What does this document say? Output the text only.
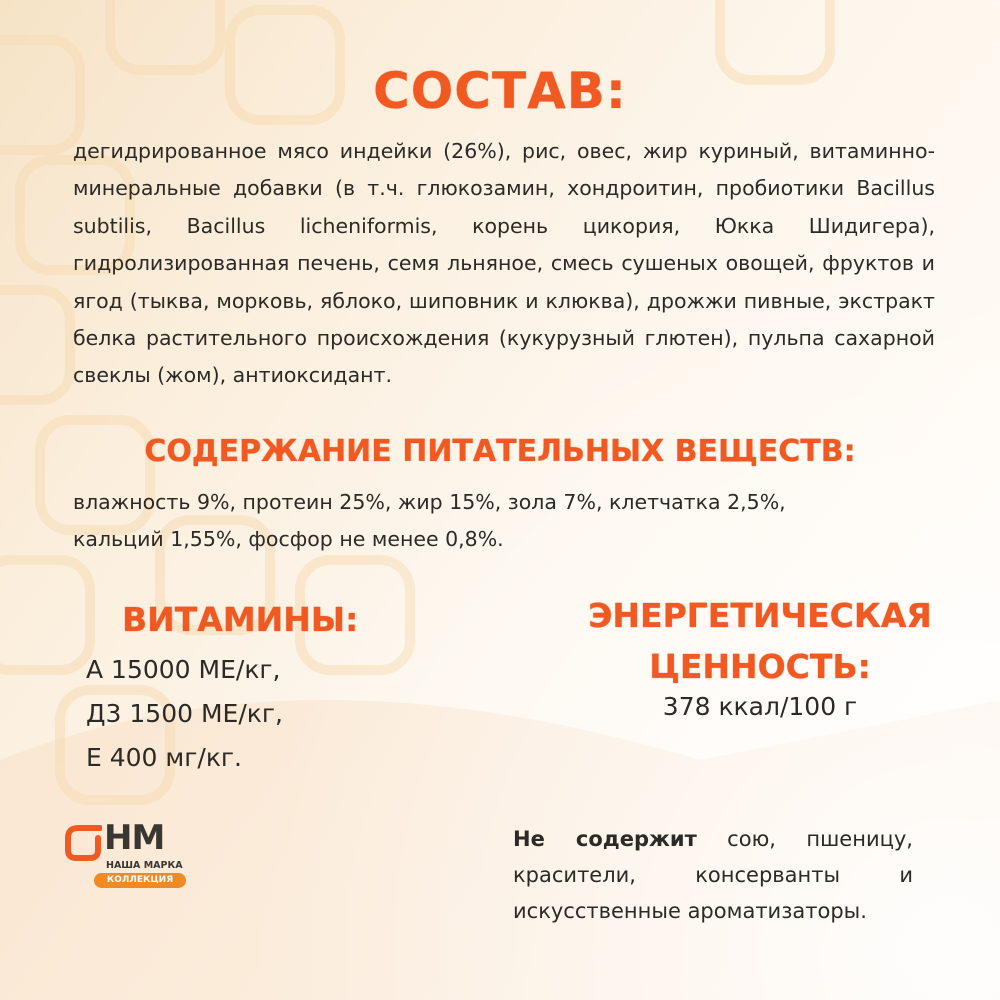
СОСТАВ:

дегидрированное мясо индейки (26%), рис, овес, жир куриный, витаминно-минеральные добавки (в т.ч. глюкозамин, хондроитин, пробиотики Bacillus subtilis, Bacillus licheniformis, корень цикория, Юкка Шидигера), гидролизированная печень, семя льняное, смесь сушеных овощей, фруктов и ягод (тыква, морковь, яблоко, шиповник и клюква), дрожжи пивные, экстракт белка растительного происхождения (кукурузный глютен), пульпа сахарной свеклы (жом), антиоксидант.

СОДЕРЖАНИЕ ПИТАТЕЛЬНЫХ ВЕЩЕСТВ:
влажность 9%, протеин 25%, жир 15%, зола 7%, клетчатка 2,5%,
кальций 1,55%, фосфор не менее 0,8%.
ВИТАМИНЫ:
А 15000 МЕ/кг,
Д3 1500 МЕ/кг,
Е 400 мг/кг.
ЭНЕРГЕТИЧЕСКАЯ
ЦЕННОСТЬ:
378 ккал/100 г

Не содержит сою, пшеницу, красители, консерванты и искусственные ароматизаторы.

НМ
НАША МАРКА
КОЛЛЕКЦИЯ
